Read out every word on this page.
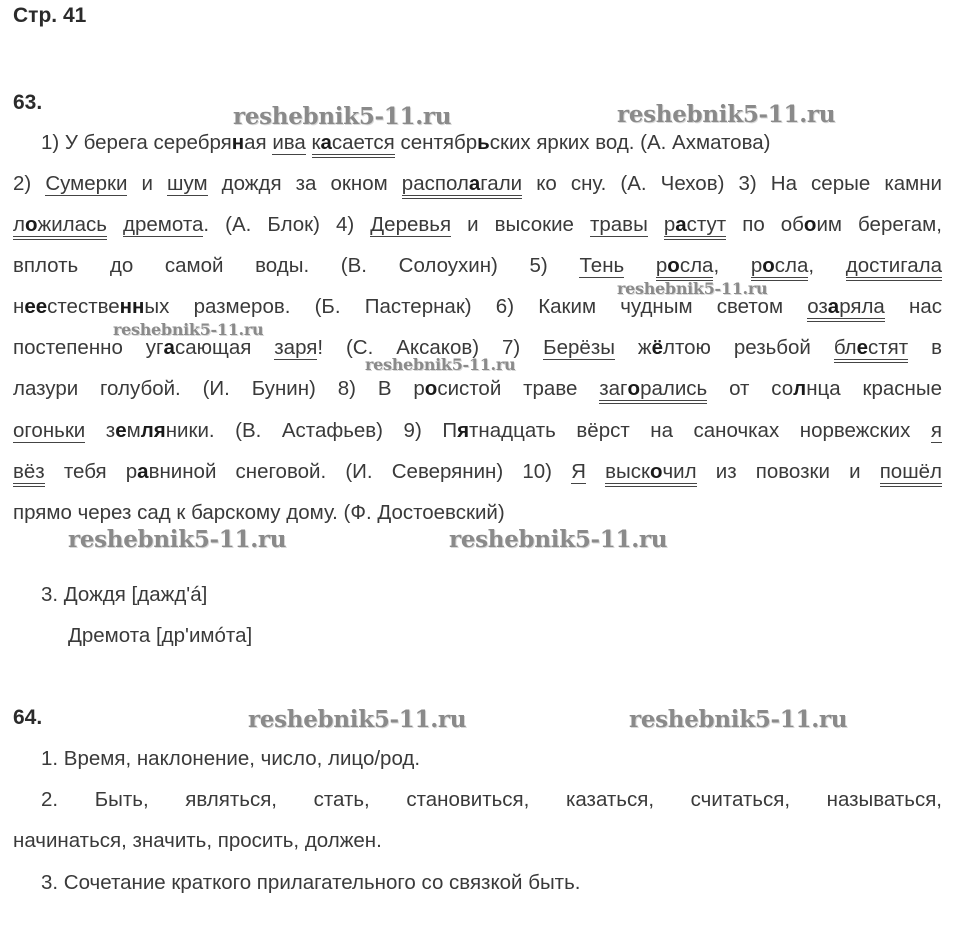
Стр. 41
63.
reshebnik5-11.ru	reshebnik5-11.ru
1) У берега серебряная ива касается сентябрьских ярких вод. (А. Ахматова)
2) Сумерки и шум дождя за окном располагали ко сну. (А. Чехов) 3) На серые камни
ложилась дремота. (А. Блок) 4) Деревья и высокие травы растут по обоим берегам,
вплоть до самой воды. (В. Солоухин) 5) Тень росла, росла, достигала
reshebnik5-11.ru
неестественных размеров. (Б. Пастернак) 6) Каким чудным светом озаряла нас
reshebnik5-11.ru
постепенно угасающая заря! (С. Аксаков) 7) Берёзы жёлтою резьбой блестят в
reshebnik5-11.ru
лазури голубой. (И. Бунин) 8) В росистой траве загорались от солнца красные
огоньки земляники. (В. Астафьев) 9) Пятнадцать вёрст на саночках норвежских я
вёз тебя равниной снеговой. (И. Северянин) 10) Я выскочил из повозки и пошёл
прямо через сад к барскому дому. (Ф. Достоевский)
reshebnik5-11.ru	reshebnik5-11.ru
3. Дождя [дажд'á]
Дремота [др'имóта]
64.	reshebnik5-11.ru	reshebnik5-11.ru
1. Время, наклонение, число, лицо/род.
2. Быть, являться, стать, становиться, казаться, считаться, называться,
начинаться, значить, просить, должен.
3. Сочетание краткого прилагательного со связкой быть.
